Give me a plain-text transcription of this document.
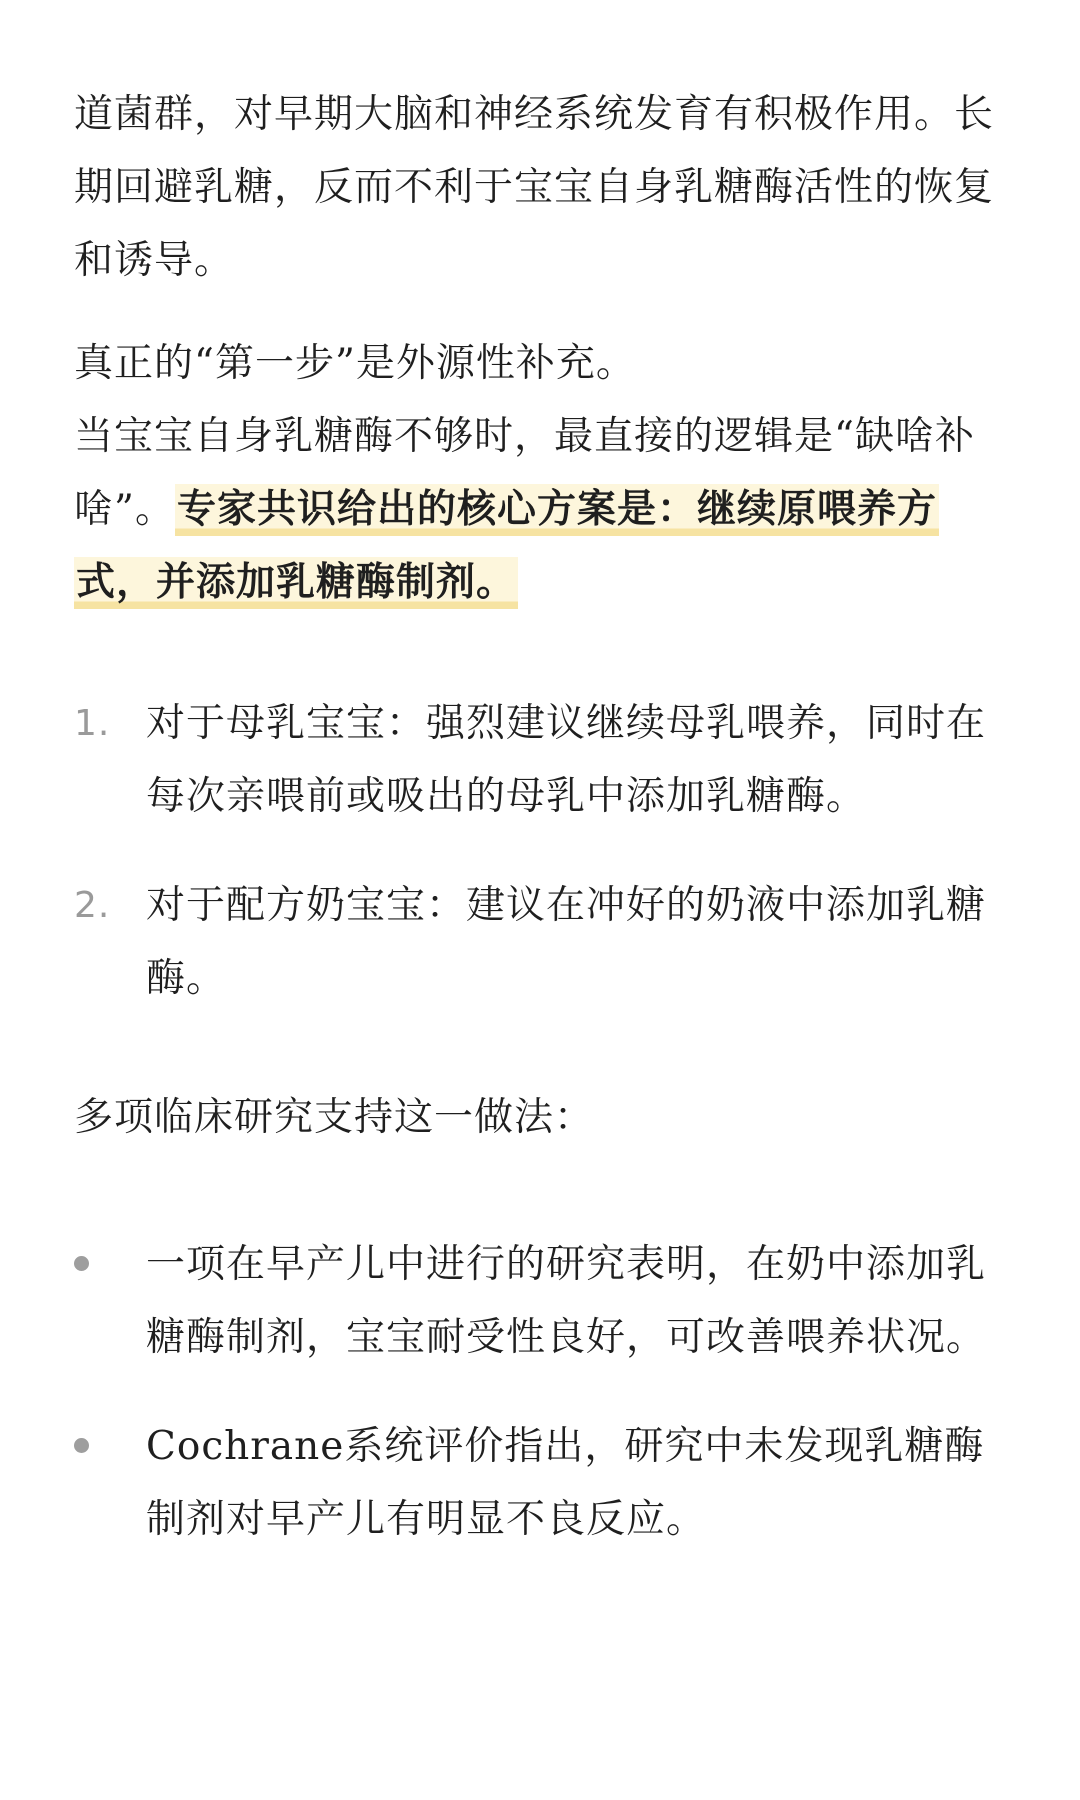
道菌群，对早期大脑和神经系统发育有积极作用。长期回避乳糖，反而不利于宝宝自身乳糖酶活性的恢复和诱导。

真正的“第一步”是外源性补充。
当宝宝自身乳糖酶不够时，最直接的逻辑是“缺啥补啥”。专家共识给出的核心方案是：继续原喂养方式，并添加乳糖酶制剂。

1. 对于母乳宝宝：强烈建议继续母乳喂养，同时在每次亲喂前或吸出的母乳中添加乳糖酶。
2. 对于配方奶宝宝：建议在冲好的奶液中添加乳糖酶。

多项临床研究支持这一做法：

一项在早产儿中进行的研究表明，在奶中添加乳糖酶制剂，宝宝耐受性良好，可改善喂养状况。
Cochrane系统评价指出，研究中未发现乳糖酶制剂对早产儿有明显不良反应。
